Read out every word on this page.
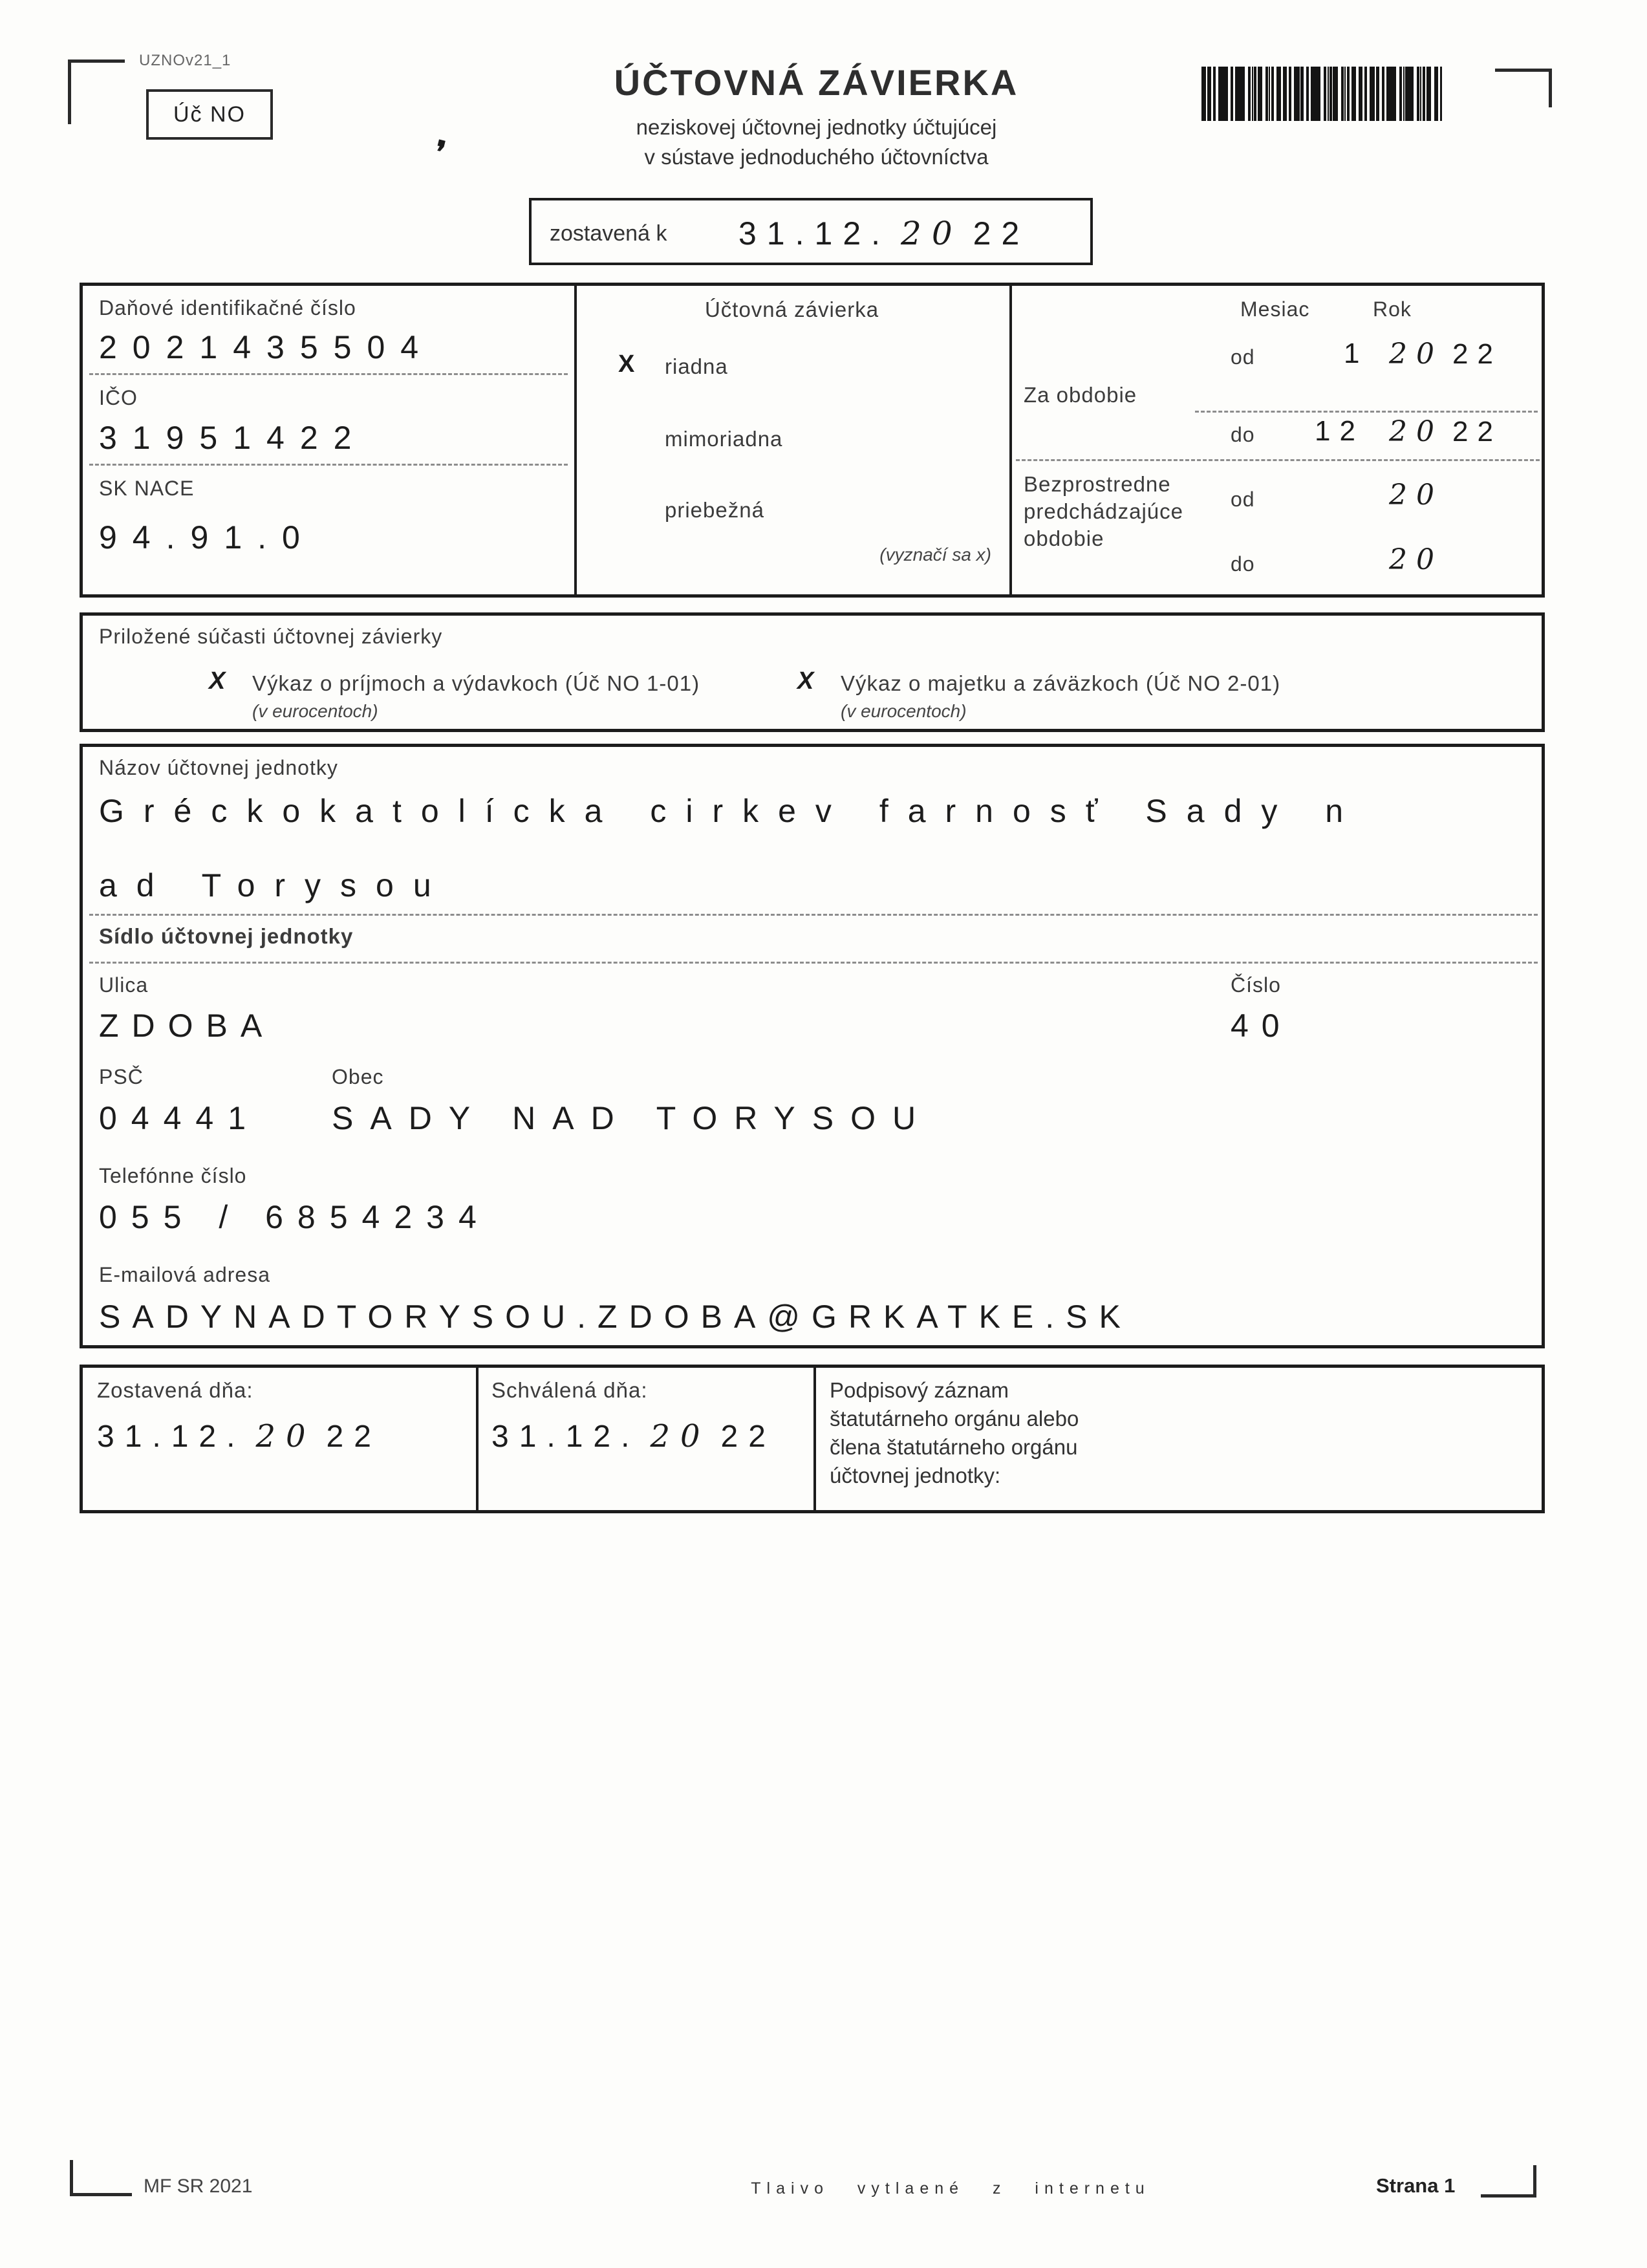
UZNOv21_1
Úč NO
❜
ÚČTOVNÁ ZÁVIERKA
neziskovej účtovnej jednotky účtujúcej
v sústave jednoduchého účtovníctva
zostavená k 31.12. 20 22
Daňové identifikačné číslo
2021435504
IČO
31951422
SK NACE
94.91.0
Účtovná závierka
X riadna
mimoriadna
priebežná
(vyznačí sa x)
Mesiac	Rok
Za obdobie
od	1 20 22
do 12 20 22
Bezprostredne
predchádzajúce
obdobie
od	20
do	20
Priložené súčasti účtovnej závierky
X Výkaz o príjmoch a výdavkoch (Úč NO 1-01)
(v eurocentoch)
X Výkaz o majetku a záväzkoch (Úč NO 2-01)
(v eurocentoch)
Názov účtovnej jednotky
Gréckokatolícka cirkev farnosť Sady n
ad Torysou
Sídlo účtovnej jednotky
Ulica	Číslo
ZDOBA	40
PSČ	Obec
04441 SADY NAD TORYSOU
Telefónne číslo
055 / 6854234
E-mailová adresa
SADYNADTORYSOU.ZDOBA@GRKATKE.SK
Zostavená dňa:
31.12. 20 22
Schválená dňa:
31.12. 20 22
Podpisový záznam
štatutárneho orgánu alebo
člena štatutárneho orgánu
účtovnej jednotky:
MF SR 2021	Tlaivo vytlaené z internetu	Strana 1
